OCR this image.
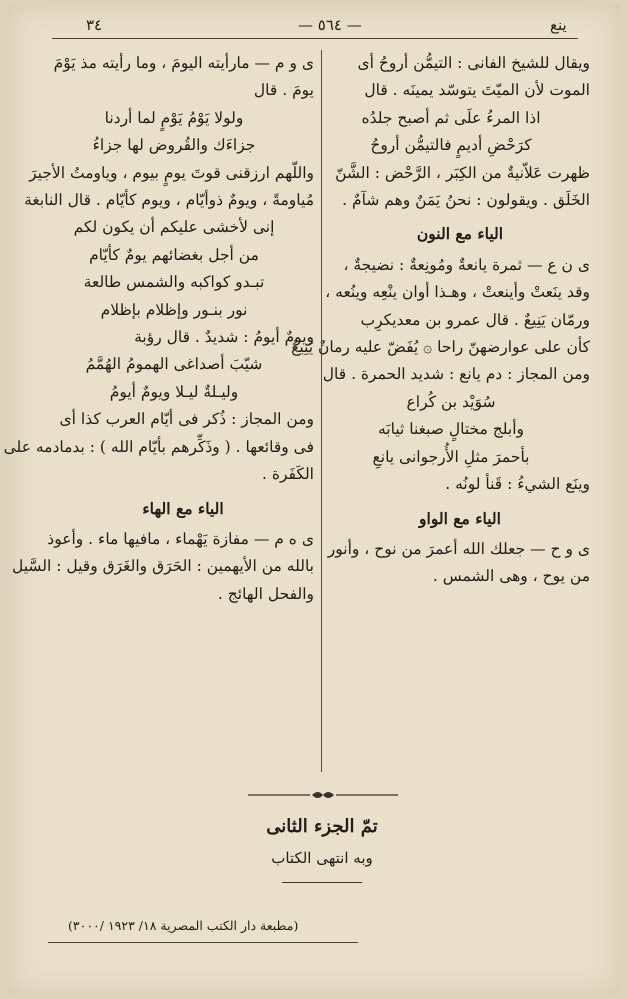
٣٤	— ٥٦٤ —	ينع
ويقال للشيخ الفانى : التيمُّن أروحُ أى
الموت لأن الميّتَ يتوسّد يمينَه . قال
اذا المرءُ علَى ثم أصبح جلدُه
كرَحْضِ أديمٍ فالتيمُّن أروحُ
ظهرت عَلاّنيةٌ من الكِبَر ، الرَّحْض : الشَّنّ
الخَلَق . ويقولون : نحنُ يَمَنٌ وهم شآمٌ .
الياء مع النون
ى ن ع — ثمرة يانعةٌ ومُونِعةٌ : نضيجةٌ ،
وقد ينَعتْ وأينعتْ ، وهـذا أوان ينْعِه وينُعه ،
ورمّان يَنِيعٌ . قال عمرو بن معديكرِب
كأن على عوارضهنّ راحا ۞ يُفَضّ عليه رمانٌ يَنِيعُ
ومن المجاز : دم يانع : شديد الحمرة . قال
سُوَيْد بن كُراع
وأبلج مختالٍ صبغنا ثيابَه
بأحمرَ مثلِ الأُرجوانى يانعِ
وينَع الشيءُ : قَنأ لونُه .
الياء مع الواو
ى و ح — جعلك الله أعمرَ من نوح ، وأنور
من يوح ، وهى الشمس .
ى و م — مارأيته اليومَ ، وما رأيته مذ يَوْمَ
يومَ . قال
ولولا يَوْمُ يَوْمٍ لما أردنا
جزاءَك والقُروض لها جزاءُ
واللّهم ارزقنى قوتَ يومٍ بيوم ، وياومتُ الأجيرَ
مُياومةً ، ويومٌ ذوأيّام ، ويوم كأيّام . قال النابغة
إنى لأخشى عليكم أن يكون لكم
من أجل بغضائهم يومٌ كأيّام
تبـدو كواكبه والشمس طالعة
نور بنـور وإظلام بإظلام
ويومٌ أيومُ : شديدٌ . قال رؤبة
شيّبَ أصداغى الهمومُ الهُمَّمُ
وليـلةٌ ليـلا ويومٌ أيومُ
ومن المجاز : ذُكر فى أيّام العرب كذا أى
فى وقائعها . ( وذَكِّرهم بأيّام الله ) : بدمادمه على
الكَفَرة .
الياء مع الهاء
ى ه م — مفازة يَهْماء ، مافيها ماء . وأعوذ
بالله من الأيهمين : الحَرَق والغَرَق وقيل : السَّيل
والفحل الهائج .
تمّ الجزء الثانى
وبه انتهى الكتاب
(مطبعة دار الكتب المصرية ١٨/ ١٩٢٣ /٣٠٠٠)
